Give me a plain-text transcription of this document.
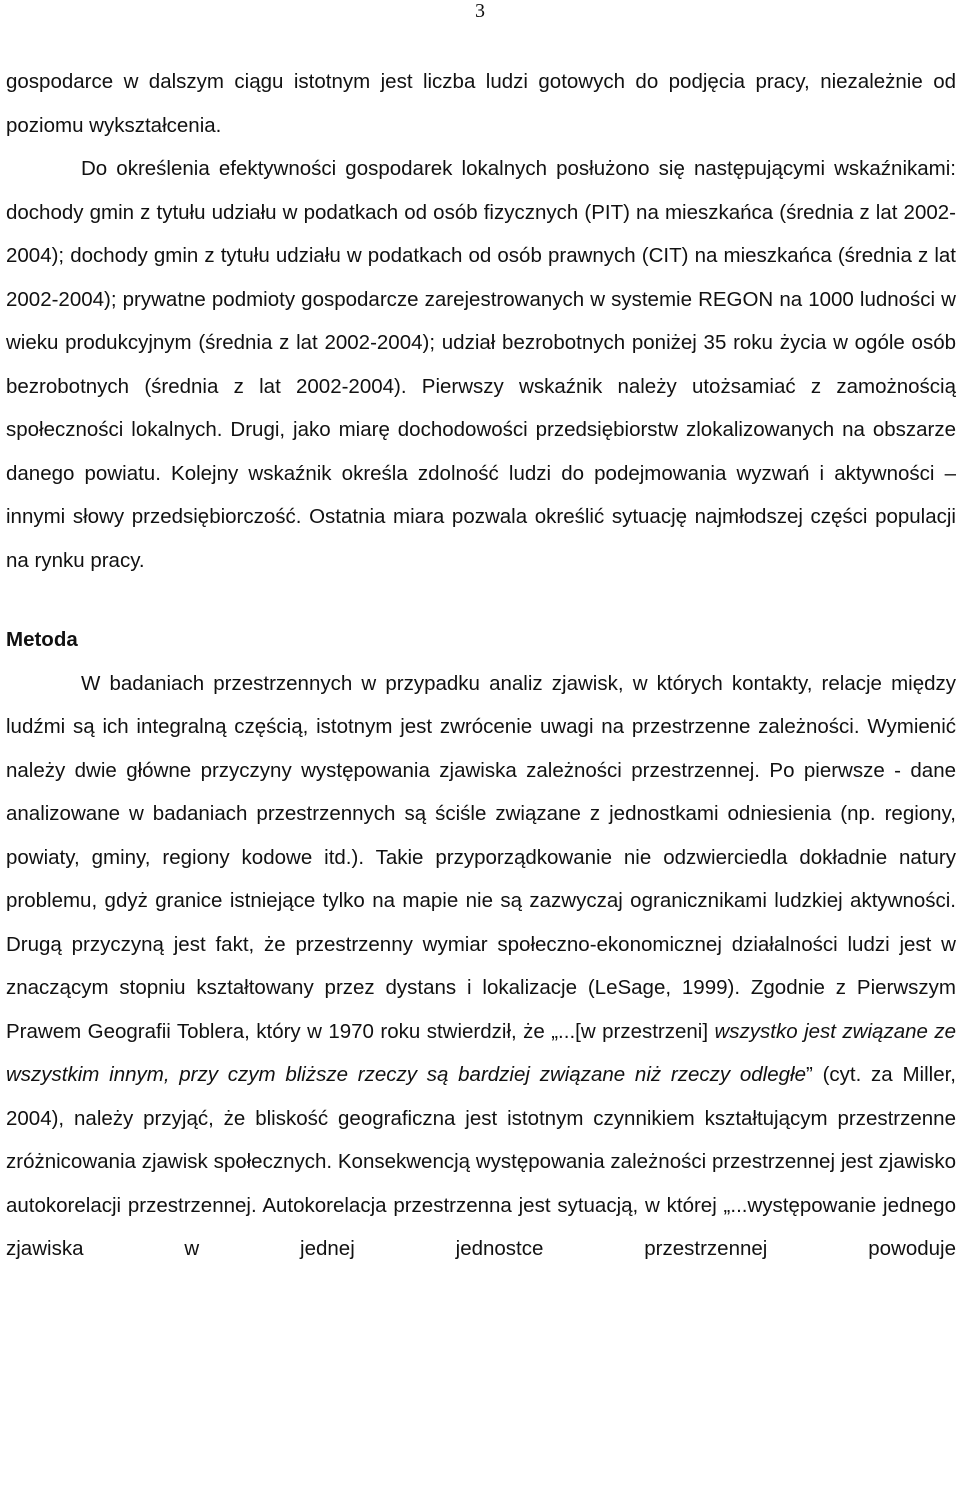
3

gospodarce w dalszym ciągu istotnym jest liczba ludzi gotowych do podjęcia pracy, niezależnie od poziomu wykształcenia.

Do określenia efektywności gospodarek lokalnych posłużono się następującymi wskaźnikami: dochody gmin z tytułu udziału w podatkach od osób fizycznych (PIT) na mieszkańca (średnia z lat 2002-2004); dochody gmin z tytułu udziału w podatkach od osób prawnych (CIT) na mieszkańca (średnia z lat 2002-2004); prywatne podmioty gospodarcze zarejestrowanych w systemie REGON na 1000 ludności w wieku produkcyjnym (średnia z lat 2002-2004); udział bezrobotnych poniżej 35 roku życia w ogóle osób bezrobotnych (średnia z lat 2002-2004). Pierwszy wskaźnik należy utożsamiać z zamożnością społeczności lokalnych. Drugi, jako miarę dochodowości przedsiębiorstw zlokalizowanych na obszarze danego powiatu. Kolejny wskaźnik określa zdolność ludzi do podejmowania wyzwań i aktywności – innymi słowy przedsiębiorczość. Ostatnia miara pozwala określić sytuację najmłodszej części populacji na rynku pracy.

Metoda

W badaniach przestrzennych w przypadku analiz zjawisk, w których kontakty, relacje między ludźmi są ich integralną częścią, istotnym jest zwrócenie uwagi na przestrzenne zależności. Wymienić należy dwie główne przyczyny występowania zjawiska zależności przestrzennej. Po pierwsze - dane analizowane w badaniach przestrzennych są ściśle związane z jednostkami odniesienia (np. regiony, powiaty, gminy, regiony kodowe itd.). Takie przyporządkowanie nie odzwierciedla dokładnie natury problemu, gdyż granice istniejące tylko na mapie nie są zazwyczaj ogranicznikami ludzkiej aktywności. Drugą przyczyną jest fakt, że przestrzenny wymiar społeczno-ekonomicznej działalności ludzi jest w znaczącym stopniu kształtowany przez dystans i lokalizacje (LeSage, 1999). Zgodnie z Pierwszym Prawem Geografii Toblera, który w 1970 roku stwierdził, że „...[w przestrzeni] wszystko jest związane ze wszystkim innym, przy czym bliższe rzeczy są bardziej związane niż rzeczy odległe” (cyt. za Miller, 2004), należy przyjąć, że bliskość geograficzna jest istotnym czynnikiem kształtującym przestrzenne zróżnicowania zjawisk społecznych. Konsekwencją występowania zależności przestrzennej jest zjawisko autokorelacji przestrzennej. Autokorelacja przestrzenna jest sytuacją, w której „...występowanie jednego zjawiska w jednej jednostce przestrzennej powoduje
